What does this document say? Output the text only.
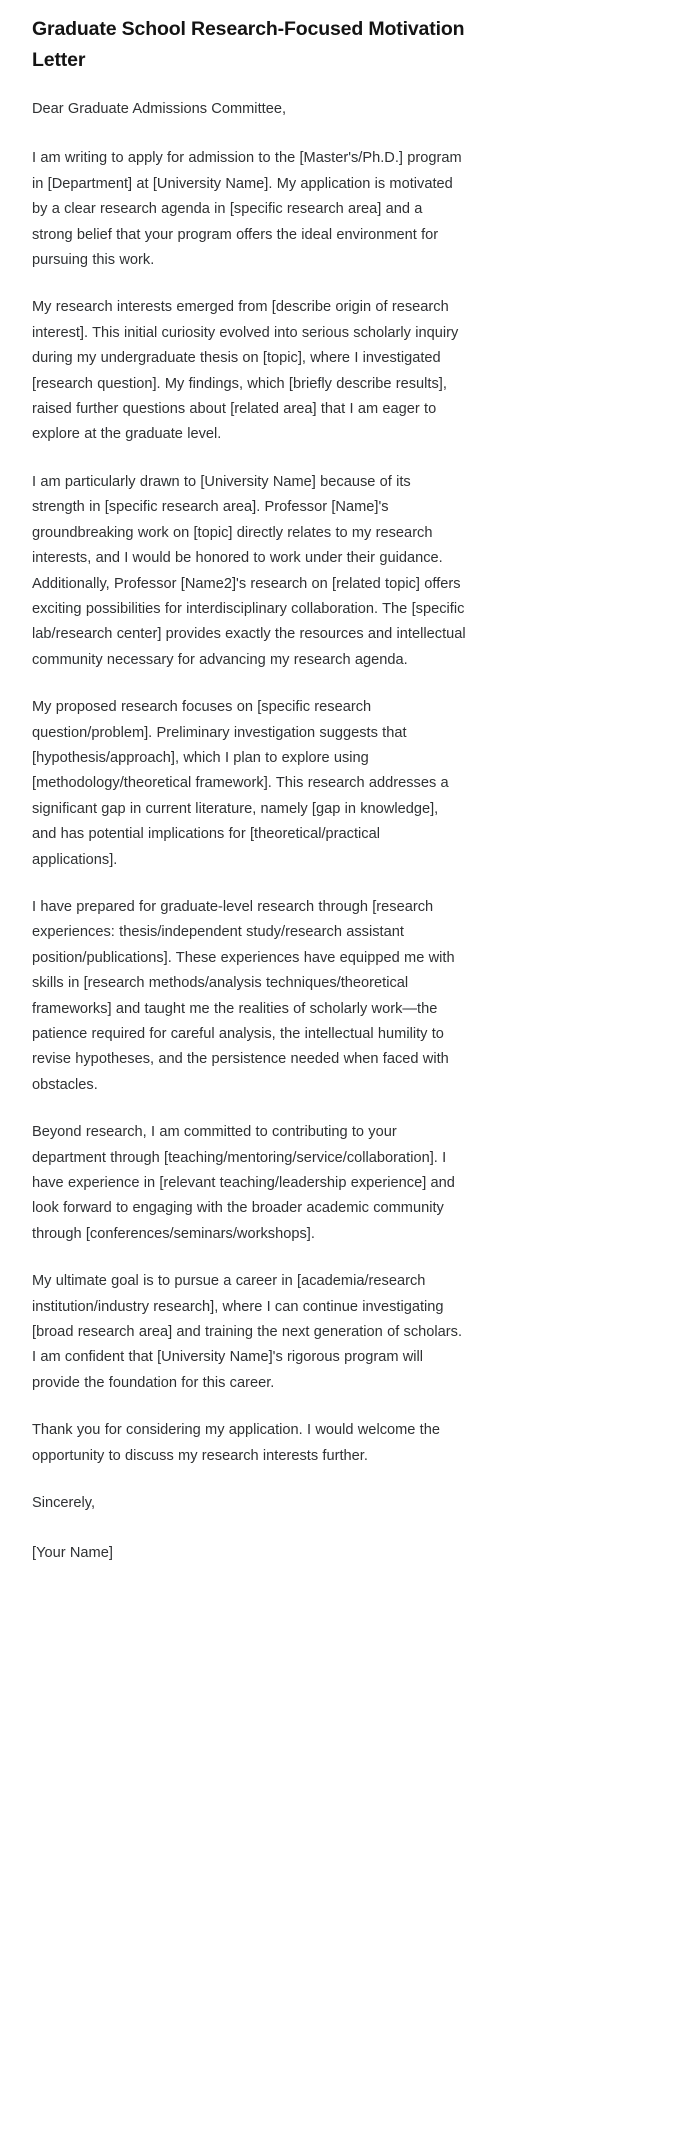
Graduate School Research-Focused Motivation Letter

Dear Graduate Admissions Committee,

I am writing to apply for admission to the [Master's/Ph.D.] program in [Department] at [University Name]. My application is motivated by a clear research agenda in [specific research area] and a strong belief that your program offers the ideal environment for pursuing this work.

My research interests emerged from [describe origin of research interest]. This initial curiosity evolved into serious scholarly inquiry during my undergraduate thesis on [topic], where I investigated [research question]. My findings, which [briefly describe results], raised further questions about [related area] that I am eager to explore at the graduate level.

I am particularly drawn to [University Name] because of its strength in [specific research area]. Professor [Name]'s groundbreaking work on [topic] directly relates to my research interests, and I would be honored to work under their guidance. Additionally, Professor [Name2]'s research on [related topic] offers exciting possibilities for interdisciplinary collaboration. The [specific lab/research center] provides exactly the resources and intellectual community necessary for advancing my research agenda.

My proposed research focuses on [specific research question/problem]. Preliminary investigation suggests that [hypothesis/approach], which I plan to explore using [methodology/theoretical framework]. This research addresses a significant gap in current literature, namely [gap in knowledge], and has potential implications for [theoretical/practical applications].

I have prepared for graduate-level research through [research experiences: thesis/independent study/research assistant position/publications]. These experiences have equipped me with skills in [research methods/analysis techniques/theoretical frameworks] and taught me the realities of scholarly work—the patience required for careful analysis, the intellectual humility to revise hypotheses, and the persistence needed when faced with obstacles.

Beyond research, I am committed to contributing to your department through [teaching/mentoring/service/collaboration]. I have experience in [relevant teaching/leadership experience] and look forward to engaging with the broader academic community through [conferences/seminars/workshops].

My ultimate goal is to pursue a career in [academia/research institution/industry research], where I can continue investigating [broad research area] and training the next generation of scholars. I am confident that [University Name]'s rigorous program will provide the foundation for this career.

Thank you for considering my application. I would welcome the opportunity to discuss my research interests further.

Sincerely,

[Your Name]
